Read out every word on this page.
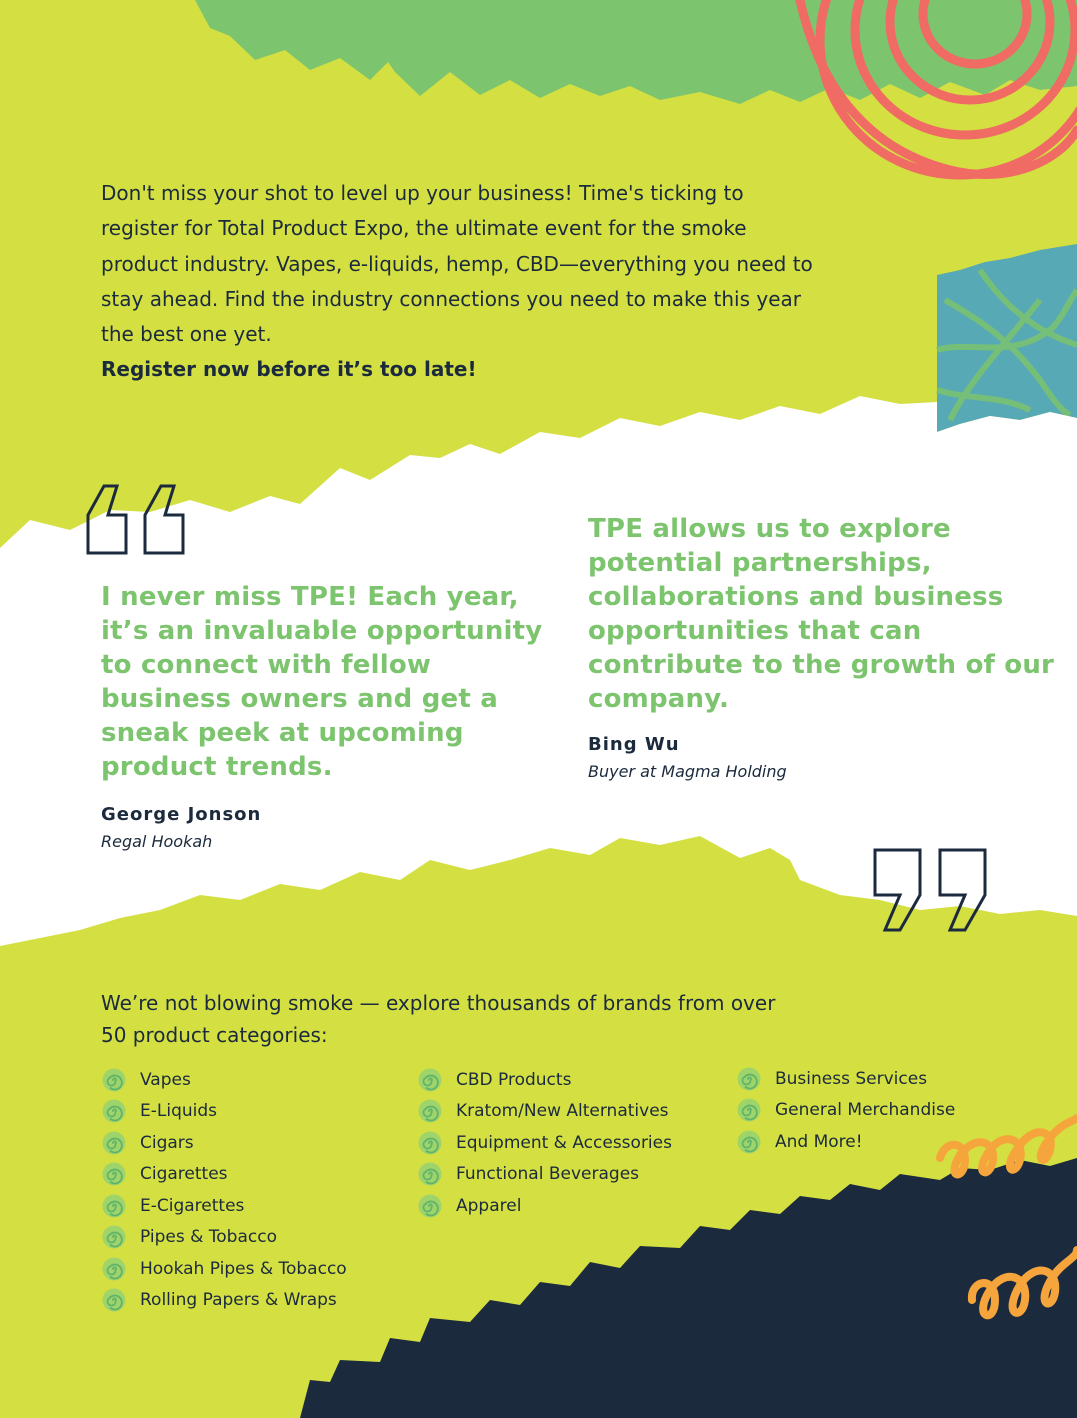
Don't miss your shot to level up your business! Time's ticking to register for Total Product Expo, the ultimate event for the smoke product industry. Vapes, e-liquids, hemp, CBD—everything you need to stay ahead. Find the industry connections you need to make this year the best one yet.

Register now before it’s too late!

I never miss TPE! Each year, it’s an invaluable opportunity to connect with fellow business owners and get a sneak peek at upcoming product trends.

George Jonson
Regal Hookah

TPE allows us to explore potential partnerships, collaborations and business opportunities that can contribute to the growth of our company.

Bing Wu
Buyer at Magma Holding
We’re not blowing smoke — explore thousands of brands from over 50 product categories:
Vapes
E-Liquids
Cigars
Cigarettes
E-Cigarettes
Pipes & Tobacco
Hookah Pipes & Tobacco
Rolling Papers & Wraps
CBD Products
Kratom/New Alternatives
Equipment & Accessories
Functional Beverages
Apparel
Business Services
General Merchandise
And More!
